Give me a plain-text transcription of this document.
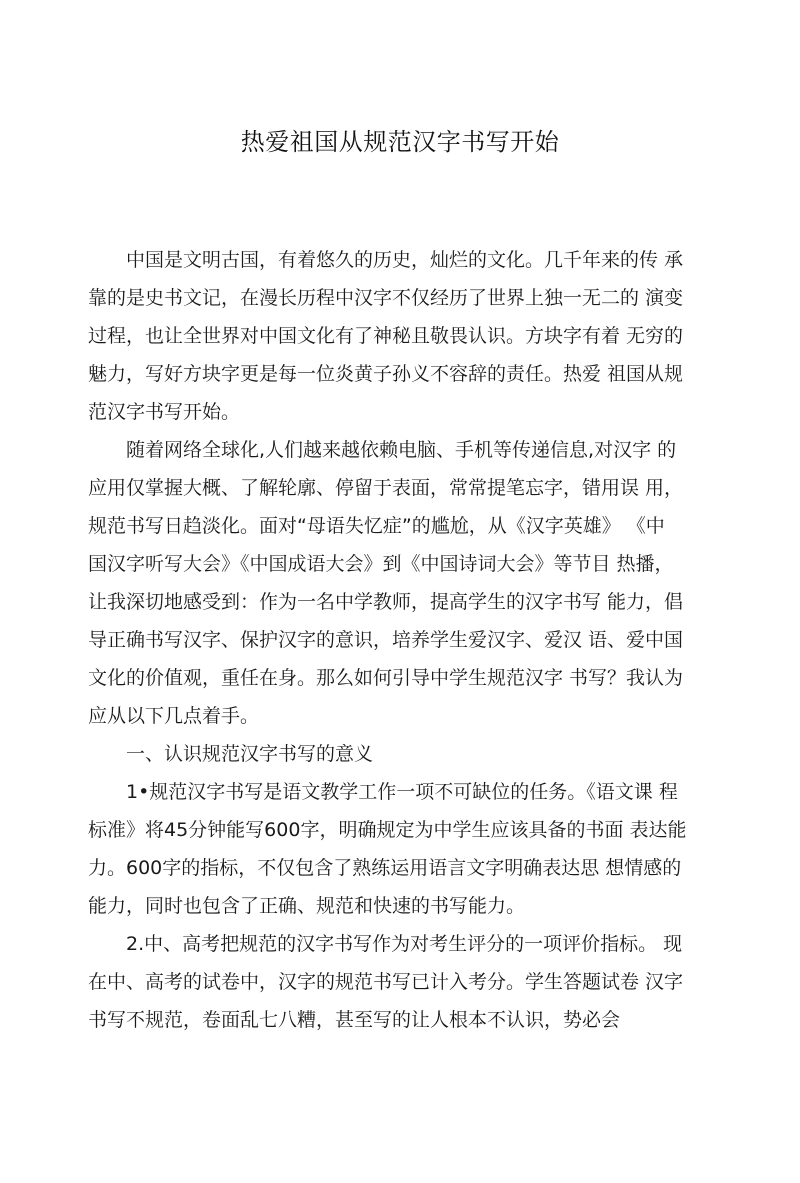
热爱祖国从规范汉字书写开始
　　中国是文明古国，有着悠久的历史，灿烂的文化。几千年来的传 承
靠的是史书文记，在漫长历程中汉字不仅经历了世界上独一无二的 演变
过程，也让全世界对中国文化有了神秘且敬畏认识。方块字有着 无穷的
魅力，写好方块字更是每一位炎黄子孙义不容辞的责任。热爱 祖国从规
范汉字书写开始。
　　随着网络全球化,人们越来越依赖电脑、手机等传递信息,对汉字 的
应用仅掌握大概、了解轮廓、停留于表面，常常提笔忘字，错用误 用，
规范书写日趋淡化。面对“母语失忆症”的尴尬，从《汉字英雄》 《中
国汉字听写大会》《中国成语大会》到《中国诗词大会》等节目 热播，
让我深切地感受到：作为一名中学教师，提高学生的汉字书写 能力，倡
导正确书写汉字、保护汉字的意识，培养学生爱汉字、爱汉 语、爱中国
文化的价值观，重任在身。那么如何引导中学生规范汉字 书写？我认为
应从以下几点着手。
　　一、认识规范汉字书写的意义
　　1•规范汉字书写是语文教学工作一项不可缺位的任务。《语文课 程
标准》将45分钟能写600字，明确规定为中学生应该具备的书面 表达能
力。600字的指标，不仅包含了熟练运用语言文字明确表达思 想情感的
能力，同时也包含了正确、规范和快速的书写能力。
　　2.中、高考把规范的汉字书写作为对考生评分的一项评价指标。 现
在中、高考的试卷中，汉字的规范书写已计入考分。学生答题试卷 汉字
书写不规范，卷面乱七八糟，甚至写的让人根本不认识，势必会
